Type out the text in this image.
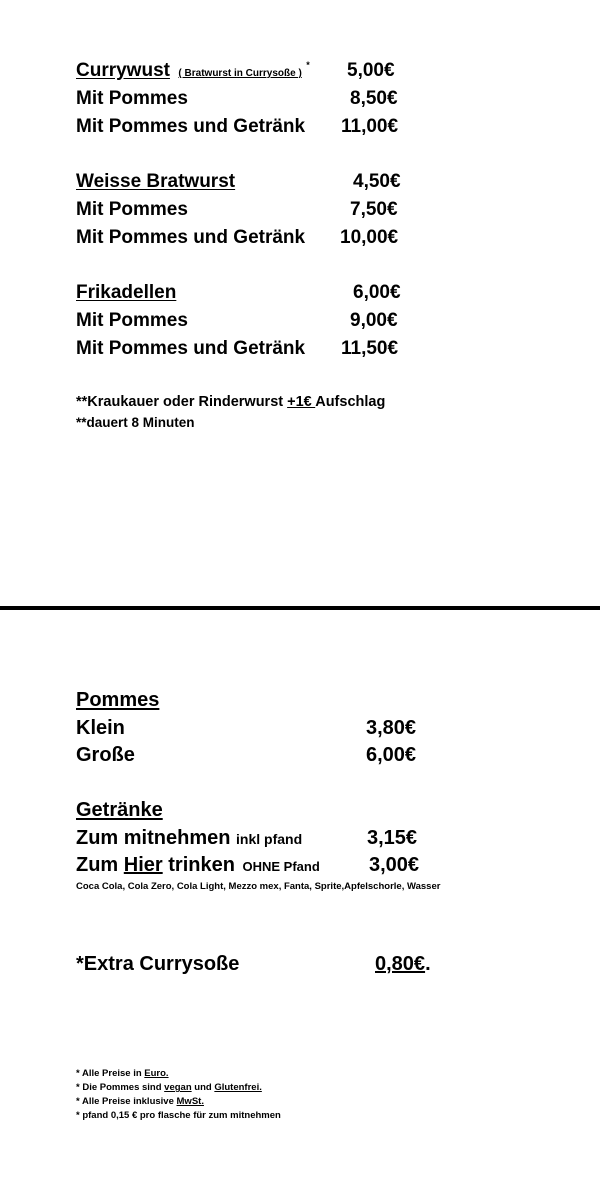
Currywust ( Bratwurst in Currysoße ) * 5,00€
Mit Pommes	8,50€
Mit Pommes und Getränk 11,00€
Weisse Bratwurst	4,50€
Mit Pommes	7,50€
Mit Pommes und Getränk 10,00€
Frikadellen	6,00€
Mit Pommes	9,00€
Mit Pommes und Getränk 11,50€
**Kraukauer oder Rinderwurst +1€ Aufschlag
**dauert 8 Minuten
Pommes
Klein	3,80€
Große	6,00€
Getränke
Zum mitnehmen inkl pfand	3,15€
Zum Hier trinken OHNE Pfand 3,00€
Coca Cola, Cola Zero, Cola Light, Mezzo mex, Fanta, Sprite,Apfelschorle, Wasser
*Extra Currysoße	0,80€.
* Alle Preise in Euro.
* Die Pommes sind vegan und Glutenfrei.
* Alle Preise inklusive MwSt.
* pfand 0,15 € pro flasche für zum mitnehmen
